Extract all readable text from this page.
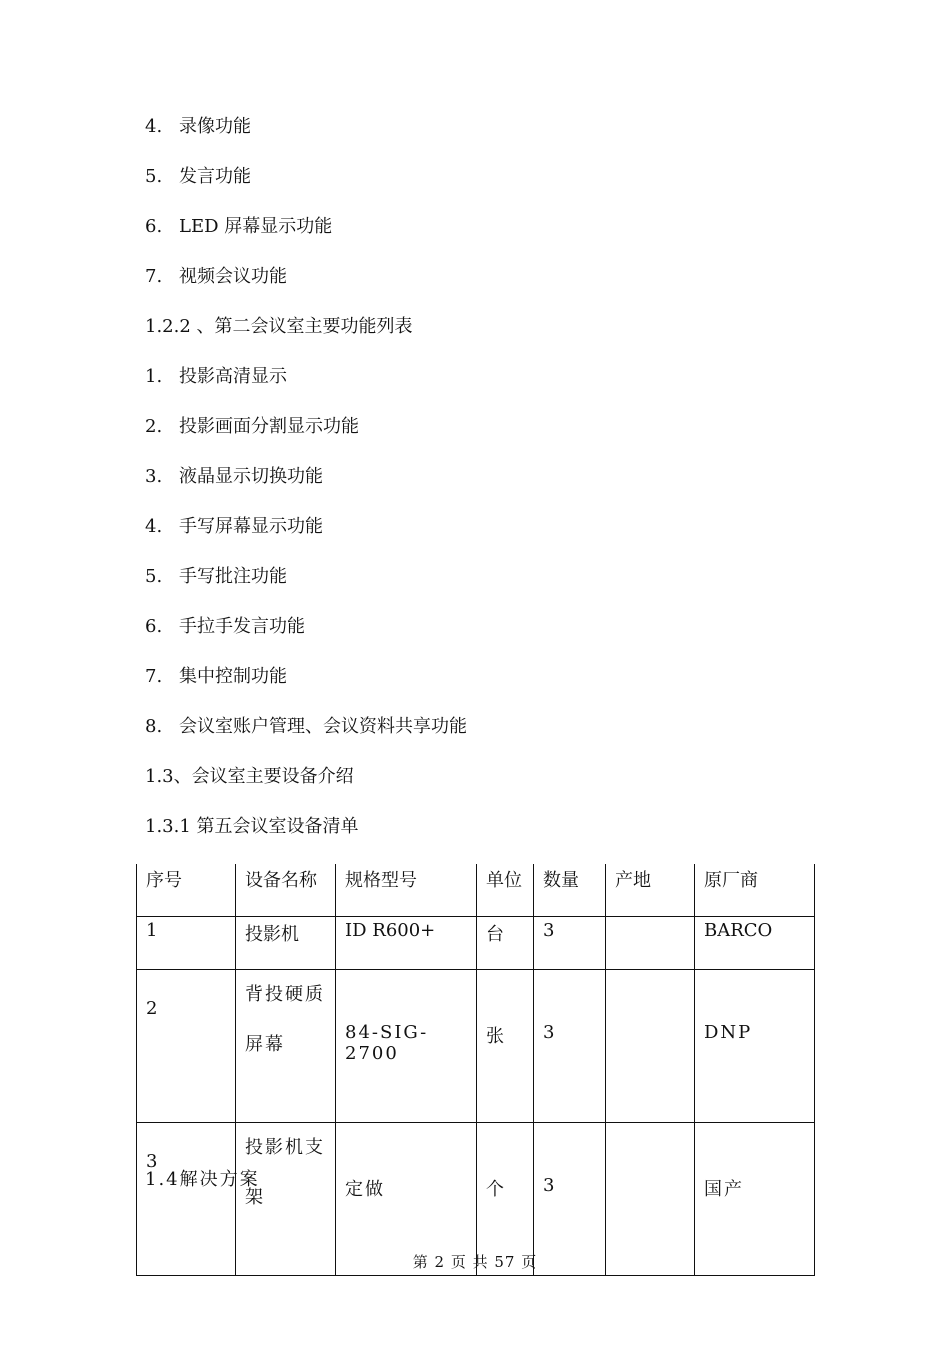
4. 录像功能
5. 发言功能
6. LED 屏幕显示功能
7. 视频会议功能
1.2.2 、第二会议室主要功能列表
1. 投影高清显示
2. 投影画面分割显示功能
3. 液晶显示切换功能
4. 手写屏幕显示功能
5. 手写批注功能
6. 手拉手发言功能
7. 集中控制功能
8. 会议室账户管理、会议资料共享功能
1.3、会议室主要设备介绍
1.3.1 第五会议室设备清单
序号	设备名称	规格型号	单位	数量	产地	原厂商
1	投影机	ID R600+	台	3		BARCO
2	背投硬质
屏幕	84-SIG-2700	张	3		DNP
3	投影机支
架	定做	个	3		国产
1.4解决方案
第 2 页 共 57 页
